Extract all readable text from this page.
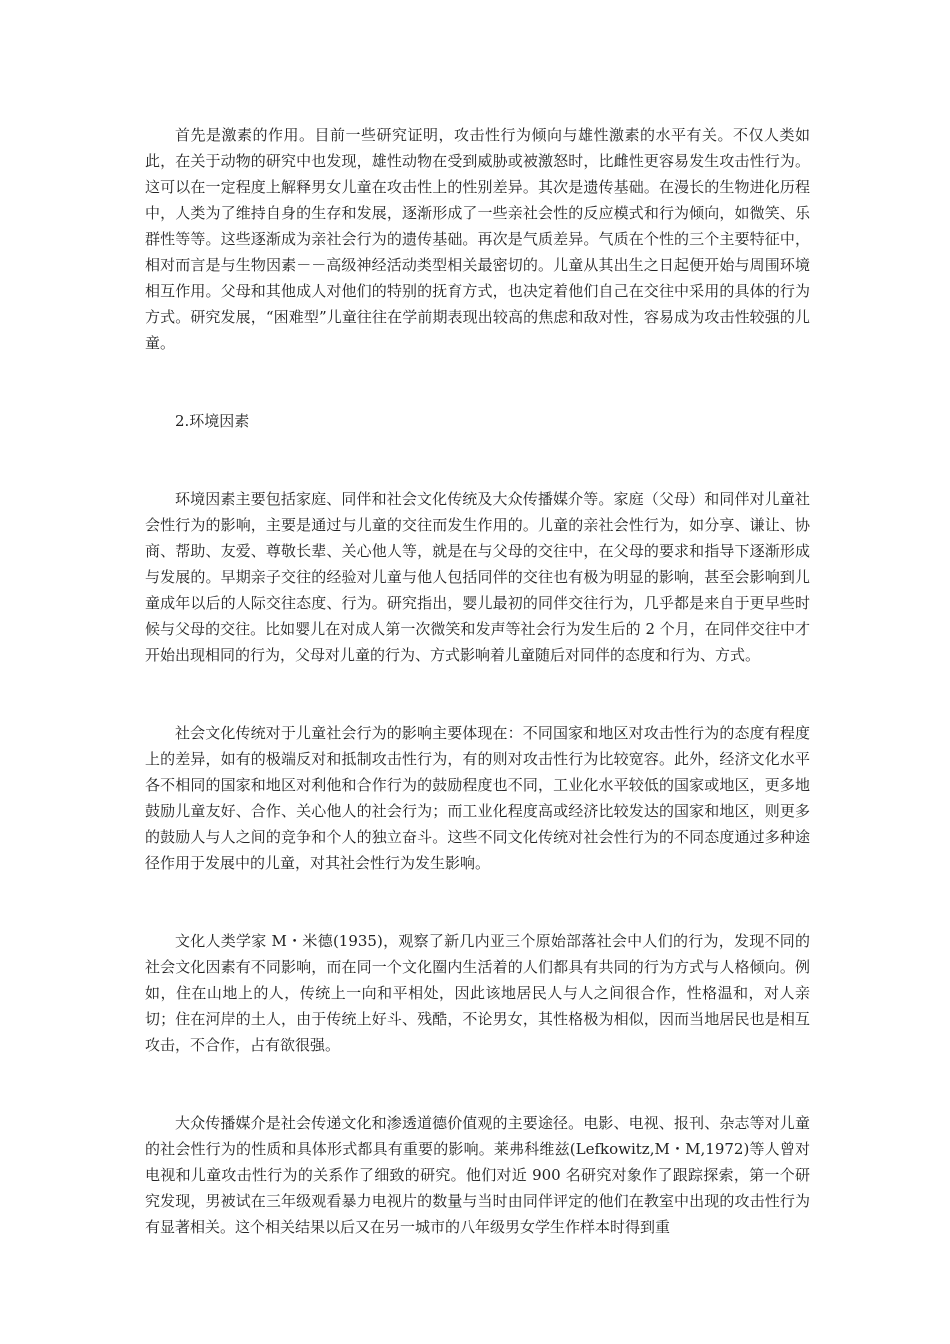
首先是激素的作用。目前一些研究证明，攻击性行为倾向与雄性激素的水平有关。不仅人类如此，在关于动物的研究中也发现，雄性动物在受到威胁或被激怒时，比雌性更容易发生攻击性行为。这可以在一定程度上解释男女儿童在攻击性上的性别差异。其次是遗传基础。在漫长的生物进化历程中，人类为了维持自身的生存和发展，逐渐形成了一些亲社会性的反应模式和行为倾向，如微笑、乐群性等等。这些逐渐成为亲社会行为的遗传基础。再次是气质差异。气质在个性的三个主要特征中，相对而言是与生物因素－－高级神经活动类型相关最密切的。儿童从其出生之日起便开始与周围环境相互作用。父母和其他成人对他们的特别的抚育方式，也决定着他们自己在交往中采用的具体的行为方式。研究发展，“困难型”儿童往往在学前期表现出较高的焦虑和敌对性，容易成为攻击性较强的儿童。

2.环境因素

环境因素主要包括家庭、同伴和社会文化传统及大众传播媒介等。家庭（父母）和同伴对儿童社会性行为的影响，主要是通过与儿童的交往而发生作用的。儿童的亲社会性行为，如分享、谦让、协商、帮助、友爱、尊敬长辈、关心他人等，就是在与父母的交往中，在父母的要求和指导下逐渐形成与发展的。早期亲子交往的经验对儿童与他人包括同伴的交往也有极为明显的影响，甚至会影响到儿童成年以后的人际交往态度、行为。研究指出，婴儿最初的同伴交往行为，几乎都是来自于更早些时候与父母的交往。比如婴儿在对成人第一次微笑和发声等社会行为发生后的 2 个月，在同伴交往中才开始出现相同的行为，父母对儿童的行为、方式影响着儿童随后对同伴的态度和行为、方式。

社会文化传统对于儿童社会行为的影响主要体现在：不同国家和地区对攻击性行为的态度有程度上的差异，如有的极端反对和抵制攻击性行为，有的则对攻击性行为比较宽容。此外，经济文化水平各不相同的国家和地区对利他和合作行为的鼓励程度也不同，工业化水平较低的国家或地区，更多地鼓励儿童友好、合作、关心他人的社会行为；而工业化程度高或经济比较发达的国家和地区，则更多的鼓励人与人之间的竞争和个人的独立奋斗。这些不同文化传统对社会性行为的不同态度通过多种途径作用于发展中的儿童，对其社会性行为发生影响。

文化人类学家 M・米德(1935)，观察了新几内亚三个原始部落社会中人们的行为，发现不同的社会文化因素有不同影响，而在同一个文化圈内生活着的人们都具有共同的行为方式与人格倾向。例如，住在山地上的人，传统上一向和平相处，因此该地居民人与人之间很合作，性格温和，对人亲切；住在河岸的土人，由于传统上好斗、残酷，不论男女，其性格极为相似，因而当地居民也是相互攻击，不合作，占有欲很强。

大众传播媒介是社会传递文化和渗透道德价值观的主要途径。电影、电视、报刊、杂志等对儿童的社会性行为的性质和具体形式都具有重要的影响。莱弗科维兹(Lefkowitz,M・M,1972)等人曾对电视和儿童攻击性行为的关系作了细致的研究。他们对近 900 名研究对象作了跟踪探索，第一个研究发现，男被试在三年级观看暴力电视片的数量与当时由同伴评定的他们在教室中出现的攻击性行为有显著相关。这个相关结果以后又在另一城市的八年级男女学生作样本时得到重
